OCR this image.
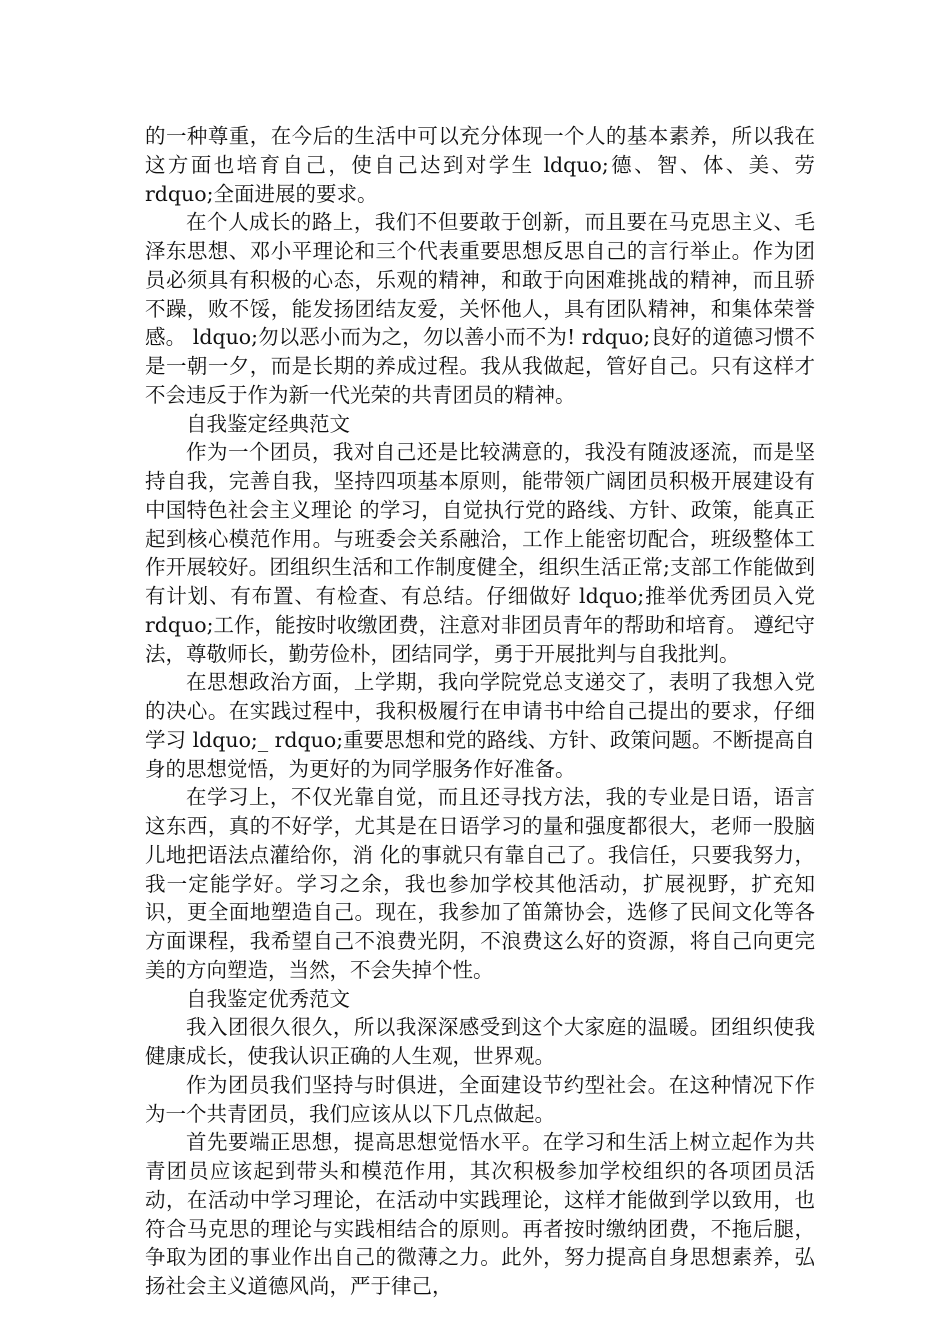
的一种尊重，在今后的生活中可以充分体现一个人的基本素养，所以我在这方面也培育自己，使自己达到对学生 ldquo;德、智、体、美、劳 rdquo;全面进展的要求。

在个人成长的路上，我们不但要敢于创新，而且要在马克思主义、毛泽东思想、邓小平理论和三个代表重要思想反思自己的言行举止。作为团员必须具有积极的心态，乐观的精神，和敢于向困难挑战的精神，而且骄不躁，败不馁，能发扬团结友爱，关怀他人，具有团队精神，和集体荣誉感。 ldquo;勿以恶小而为之，勿以善小而不为! rdquo;良好的道德习惯不是一朝一夕，而是长期的养成过程。我从我做起，管好自己。只有这样才不会违反于作为新一代光荣的共青团员的精神。

自我鉴定经典范文

作为一个团员，我对自己还是比较满意的，我没有随波逐流，而是坚持自我，完善自我，坚持四项基本原则，能带领广阔团员积极开展建设有中国特色社会主义理论 的学习，自觉执行党的路线、方针、政策，能真正起到核心模范作用。与班委会关系融洽，工作上能密切配合，班级整体工作开展较好。团组织生活和工作制度健全，组织生活正常;支部工作能做到有计划、有布置、有检查、有总结。仔细做好 ldquo;推举优秀团员入党 rdquo;工作，能按时收缴团费，注意对非团员青年的帮助和培育。 遵纪守法，尊敬师长，勤劳俭朴，团结同学，勇于开展批判与自我批判。

在思想政治方面，上学期，我向学院党总支递交了，表明了我想入党的决心。在实践过程中，我积极履行在申请书中给自己提出的要求，仔细学习 ldquo;_ rdquo;重要思想和党的路线、方针、政策问题。不断提高自身的思想觉悟，为更好的为同学服务作好准备。

在学习上，不仅光靠自觉，而且还寻找方法，我的专业是日语，语言这东西，真的不好学，尤其是在日语学习的量和强度都很大，老师一股脑儿地把语法点灌给你，消 化的事就只有靠自己了。我信任，只要我努力，我一定能学好。学习之余，我也参加学校其他活动，扩展视野，扩充知识，更全面地塑造自己。现在，我参加了笛箫协会，选修了民间文化等各方面课程，我希望自己不浪费光阴，不浪费这么好的资源，将自己向更完美的方向塑造，当然，不会失掉个性。

自我鉴定优秀范文

我入团很久很久，所以我深深感受到这个大家庭的温暖。团组织使我健康成长，使我认识正确的人生观，世界观。

作为团员我们坚持与时俱进，全面建设节约型社会。在这种情况下作为一个共青团员，我们应该从以下几点做起。

首先要端正思想，提高思想觉悟水平。在学习和生活上树立起作为共青团员应该起到带头和模范作用，其次积极参加学校组织的各项团员活动，在活动中学习理论，在活动中实践理论，这样才能做到学以致用，也符合马克思的理论与实践相结合的原则。再者按时缴纳团费，不拖后腿，争取为团的事业作出自己的微薄之力。此外，努力提高自身思想素养，弘扬社会主义道德风尚，严于律己，
